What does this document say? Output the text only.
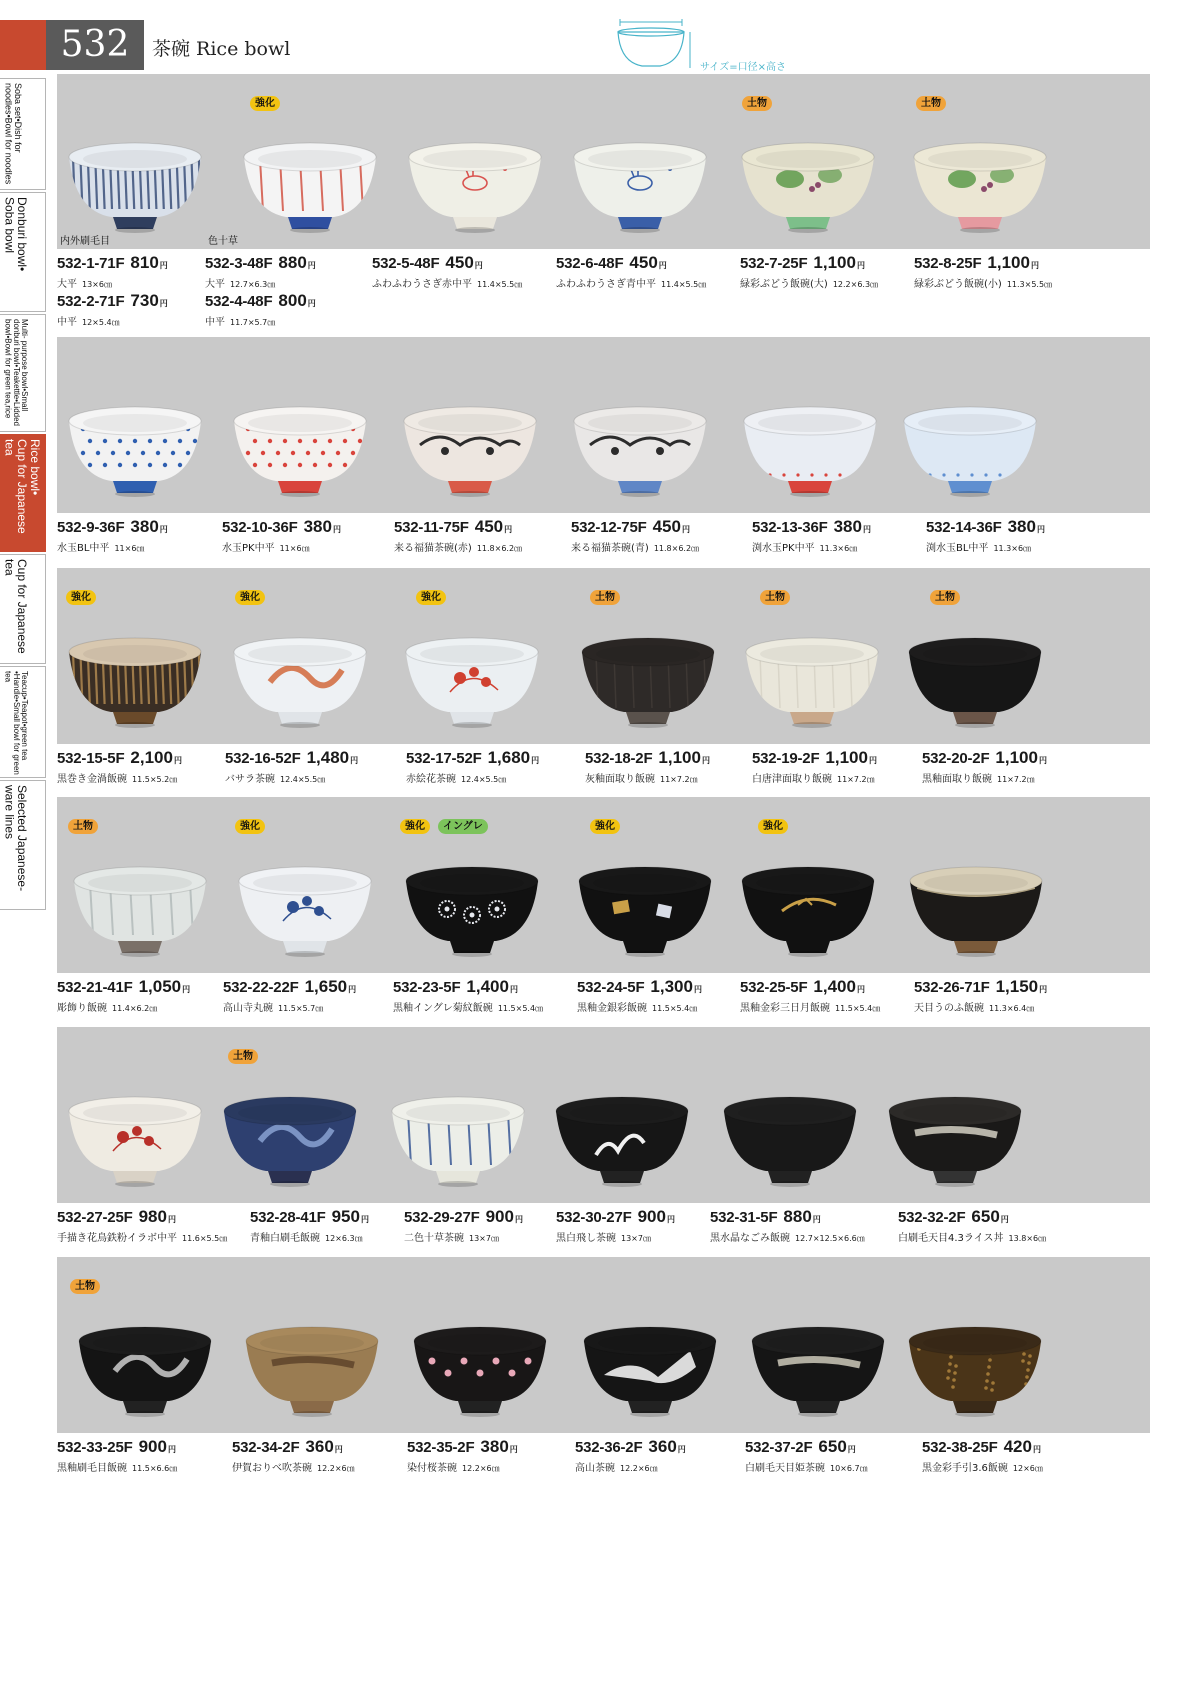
532	茶碗 Rice bowl
サイズ=口径×高さ
Soba set•Dish for noodles•Bowl for noodles
Donburi bowl•
Soba bowl
Multi- purpose bowl•Small donburi bowl•Teakettle•Lidded bowl•Bowl for green tea,rice
Rice bowl•
Cup for Japanese tea
Cup for Japanese tea
Teacup•Teapot•green tea •Handle•Small bowl for green tea
Selected Japanese-
ware lines
内外刷毛目
532-1-71F 810円
大平 13×6㎝
532-2-71F 730円
中平 12×5.4㎝
強化
色十草
532-3-48F 880円
大平 12.7×6.3㎝
532-4-48F 800円
中平 11.7×5.7㎝
532-5-48F 450円
ふわふわうさぎ赤中平 11.4×5.5㎝
532-6-48F 450円
ふわふわうさぎ青中平 11.4×5.5㎝
土物
532-7-25F 1,100円
緑彩ぶどう飯碗(大) 12.2×6.3㎝
土物
532-8-25F 1,100円
緑彩ぶどう飯碗(小) 11.3×5.5㎝
532-9-36F 380円
水玉BL中平 11×6㎝
532-10-36F 380円
水玉PK中平 11×6㎝
532-11-75F 450円
来る福猫茶碗(赤) 11.8×6.2㎝
532-12-75F 450円
来る福猫茶碗(青) 11.8×6.2㎝
532-13-36F 380円
渕水玉PK中平 11.3×6㎝
532-14-36F 380円
渕水玉BL中平 11.3×6㎝
強化
532-15-5F 2,100円
黒巻き金渦飯碗 11.5×5.2㎝
強化
532-16-52F 1,480円
バサラ茶碗 12.4×5.5㎝
強化
532-17-52F 1,680円
赤絵花茶碗 12.4×5.5㎝
土物
532-18-2F 1,100円
灰釉面取り飯碗 11×7.2㎝
土物
532-19-2F 1,100円
白唐津面取り飯碗 11×7.2㎝
土物
532-20-2F 1,100円
黒釉面取り飯碗 11×7.2㎝
土物
532-21-41F 1,050円
彫飾り飯碗 11.4×6.2㎝
強化
532-22-22F 1,650円
高山寺丸碗 11.5×5.7㎝
強化	イングレ
532-23-5F 1,400円
黒釉イングレ菊紋飯碗 11.5×5.4㎝
強化
532-24-5F 1,300円
黒釉金銀彩飯碗 11.5×5.4㎝
強化
532-25-5F 1,400円
黒釉金彩三日月飯碗 11.5×5.4㎝
532-26-71F 1,150円
天目うのふ飯碗 11.3×6.4㎝
532-27-25F 980円
手描き花鳥鉄粉イラボ中平 11.6×5.5㎝
土物
532-28-41F 950円
青釉白刷毛飯碗 12×6.3㎝
532-29-27F 900円
二色十草茶碗 13×7㎝
532-30-27F 900円
黒白飛し茶碗 13×7㎝
532-31-5F 880円
黒水晶なごみ飯碗 12.7×12.5×6.6㎝
532-32-2F 650円
白刷毛天目4.3ライス丼 13.8×6㎝
土物
532-33-25F 900円
黒釉刷毛目飯碗 11.5×6.6㎝
532-34-2F 360円
伊賀おりべ吹茶碗 12.2×6㎝
532-35-2F 380円
染付桜茶碗 12.2×6㎝
532-36-2F 360円
高山茶碗 12.2×6㎝
532-37-2F 650円
白刷毛天目姫茶碗 10×6.7㎝
532-38-25F 420円
黒金彩手引3.6飯碗 12×6㎝
